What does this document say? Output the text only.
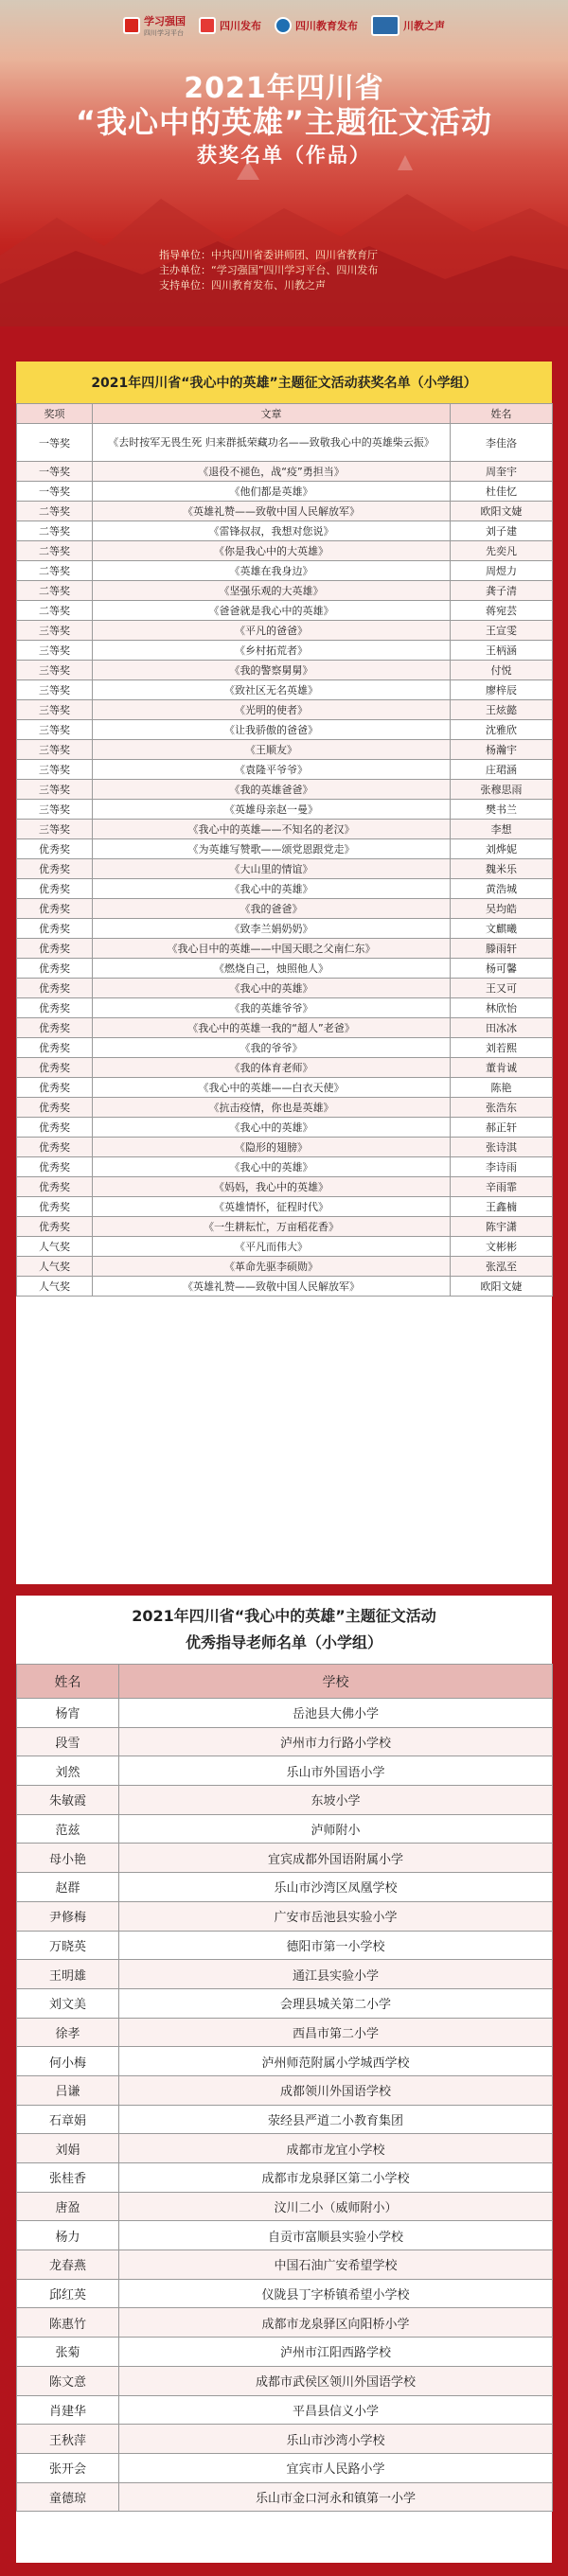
学习强国
四川学习平台
四川发布	四川教育发布	川教之声
2021年四川省
“我心中的英雄”主题征文活动
获奖名单（作品）
指导单位：中共四川省委讲师团、四川省教育厅
主办单位：“学习强国”四川学习平台、四川发布
支持单位：四川教育发布、川教之声
2021年四川省“我心中的英雄”主题征文活动获奖名单（小学组）
奖项	文章	姓名
一等奖	《去时按军无畏生死 归来群抵荣藏功名——致敬我心中的英雄柴云振》	李佳洛
一等奖	《退役不褪色，战“疫”勇担当》	周奎宇
一等奖	《他们都是英雄》	杜佳忆
二等奖	《英雄礼赞——致敬中国人民解放军》	欧阳文婕
二等奖	《雷锋叔叔，我想对您说》	刘子建
二等奖	《你是我心中的大英雄》	先奕凡
二等奖	《英雄在我身边》	周煜力
二等奖	《坚强乐观的大英雄》	龚子清
二等奖	《爸爸就是我心中的英雄》	蒋宛芸
三等奖	《平凡的爸爸》	王宣雯
三等奖	《乡村拓荒者》	王柄涵
三等奖	《我的警察舅舅》	付悦
三等奖	《致社区无名英雄》	廖梓辰
三等奖	《光明的使者》	王炫懿
三等奖	《让我骄傲的爸爸》	沈雅欣
三等奖	《王顺友》	杨瀚宇
三等奖	《袁隆平爷爷》	庄珺涵
三等奖	《我的英雄爸爸》	张穆思雨
三等奖	《英雄母亲赵一曼》	樊书兰
三等奖	《我心中的英雄——不知名的老汉》	李想
优秀奖	《为英雄写赞歌——颂党恩跟党走》	刘烨妮
优秀奖	《大山里的情谊》	魏米乐
优秀奖	《我心中的英雄》	黄浩城
优秀奖	《我的爸爸》	吴均皓
优秀奖	《致李兰娟奶奶》	文麒曦
优秀奖	《我心目中的英雄——中国天眼之父南仁东》	滕雨轩
优秀奖	《燃烧自己，烛照他人》	杨可馨
优秀奖	《我心中的英雄》	王又可
优秀奖	《我的英雄爷爷》	林欣怡
优秀奖	《我心中的英雄一我的“超人”老爸》	田冰冰
优秀奖	《我的爷爷》	刘若熙
优秀奖	《我的体育老师》	董肯诚
优秀奖	《我心中的英雄——白衣天使》	陈艳
优秀奖	《抗击疫情，你也是英雄》	张浩东
优秀奖	《我心中的英雄》	郝正轩
优秀奖	《隐形的翅膀》	张诗淇
优秀奖	《我心中的英雄》	李诗雨
优秀奖	《妈妈，我心中的英雄》	辛雨霏
优秀奖	《英雄情怀，征程时代》	王鑫楠
优秀奖	《一生耕耘忙，万亩稻花香》	陈宇潇
人气奖	《平凡而伟大》	文彬彬
人气奖	《革命先驱李硕勋》	张泓至
人气奖	《英雄礼赞——致敬中国人民解放军》	欧阳文婕
2021年四川省“我心中的英雄”主题征文活动
优秀指导老师名单（小学组）
姓名	学校
杨宵	岳池县大佛小学
段雪	泸州市力行路小学校
刘然	乐山市外国语小学
朱敏霞	东坡小学
范兹	泸师附小
母小艳	宜宾成都外国语附属小学
赵群	乐山市沙湾区凤凰学校
尹修梅	广安市岳池县实验小学
万晓英	德阳市第一小学校
王明雄	通江县实验小学
刘文美	会理县城关第二小学
徐孝	西昌市第二小学
何小梅	泸州师范附属小学城西学校
吕谦	成都领川外国语学校
石章娟	荥经县严道二小教育集团
刘娟	成都市龙宜小学校
张桂香	成都市龙泉驿区第二小学校
唐盈	汶川二小（威师附小）
杨力	自贡市富顺县实验小学校
龙春燕	中国石油广安希望学校
邱红英	仪陇县丁字桥镇希望小学校
陈惠竹	成都市龙泉驿区向阳桥小学
张菊	泸州市江阳西路学校
陈文意	成都市武侯区领川外国语学校
肖建华	平昌县信义小学
王秋萍	乐山市沙湾小学校
张开会	宜宾市人民路小学
童德琼	乐山市金口河永和镇第一小学
